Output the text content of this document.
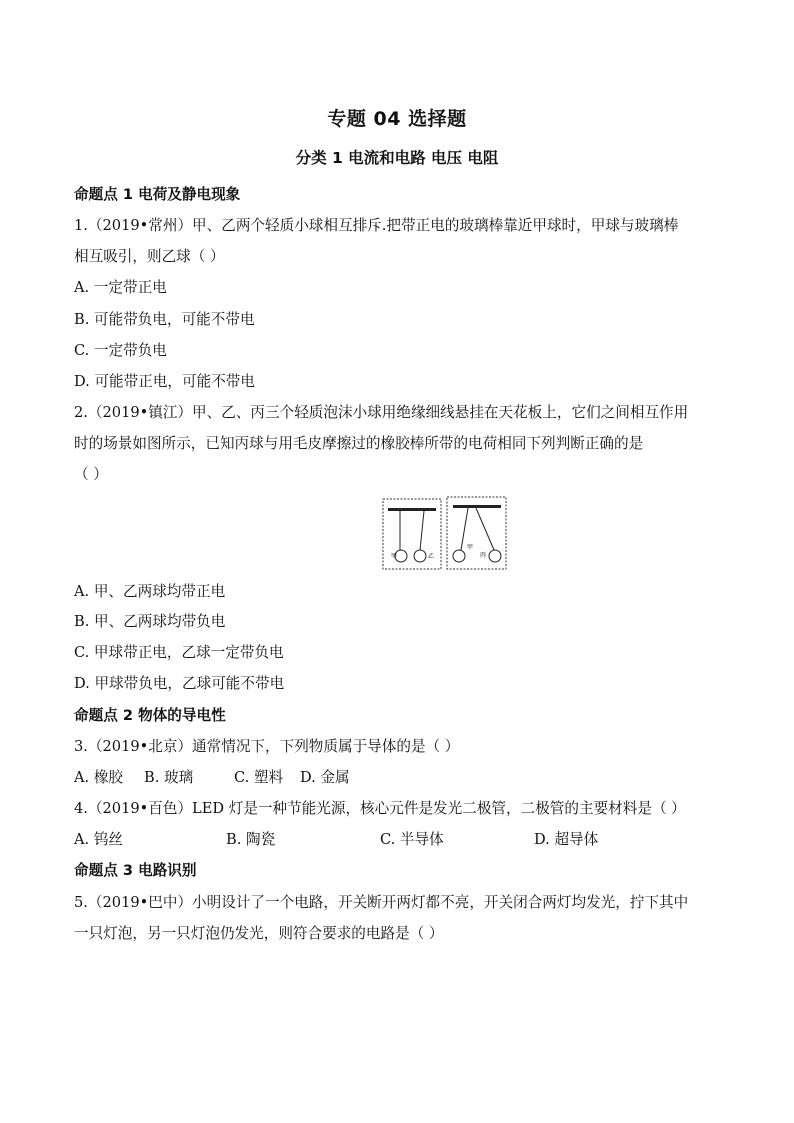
专题 04 选择题
分类 1 电流和电路 电压 电阻
命题点 1 电荷及静电现象
1.（2019•常州）甲、乙两个轻质小球相互排斥.把带正电的玻璃棒靠近甲球时，甲球与玻璃棒
相互吸引，则乙球（ ）
A. 一定带正电
B. 可能带负电，可能不带电
C. 一定带负电
D. 可能带正电，可能不带电
2.（2019•镇江）甲、乙、丙三个轻质泡沫小球用绝缘细线悬挂在天花板上，它们之间相互作用
时的场景如图所示，已知丙球与用毛皮摩擦过的橡胶棒所带的电荷相同下列判断正确的是
（ ）
甲	乙
甲
丙
A. 甲、乙两球均带正电
B. 甲、乙两球均带负电
C. 甲球带正电，乙球一定带负电
D. 甲球带负电，乙球可能不带电
命题点 2 物体的导电性
3.（2019•北京）通常情况下，下列物质属于导体的是（ ）
A. 橡胶 B. 玻璃	C. 塑料 D. 金属
4.（2019•百色）LED 灯是一种节能光源，核心元件是发光二极管，二极管的主要材料是（ ）
A. 钨丝	B. 陶瓷	C. 半导体	D. 超导体
命题点 3 电路识别
5.（2019•巴中）小明设计了一个电路，开关断开两灯都不亮，开关闭合两灯均发光，拧下其中
一只灯泡，另一只灯泡仍发光，则符合要求的电路是（ ）
